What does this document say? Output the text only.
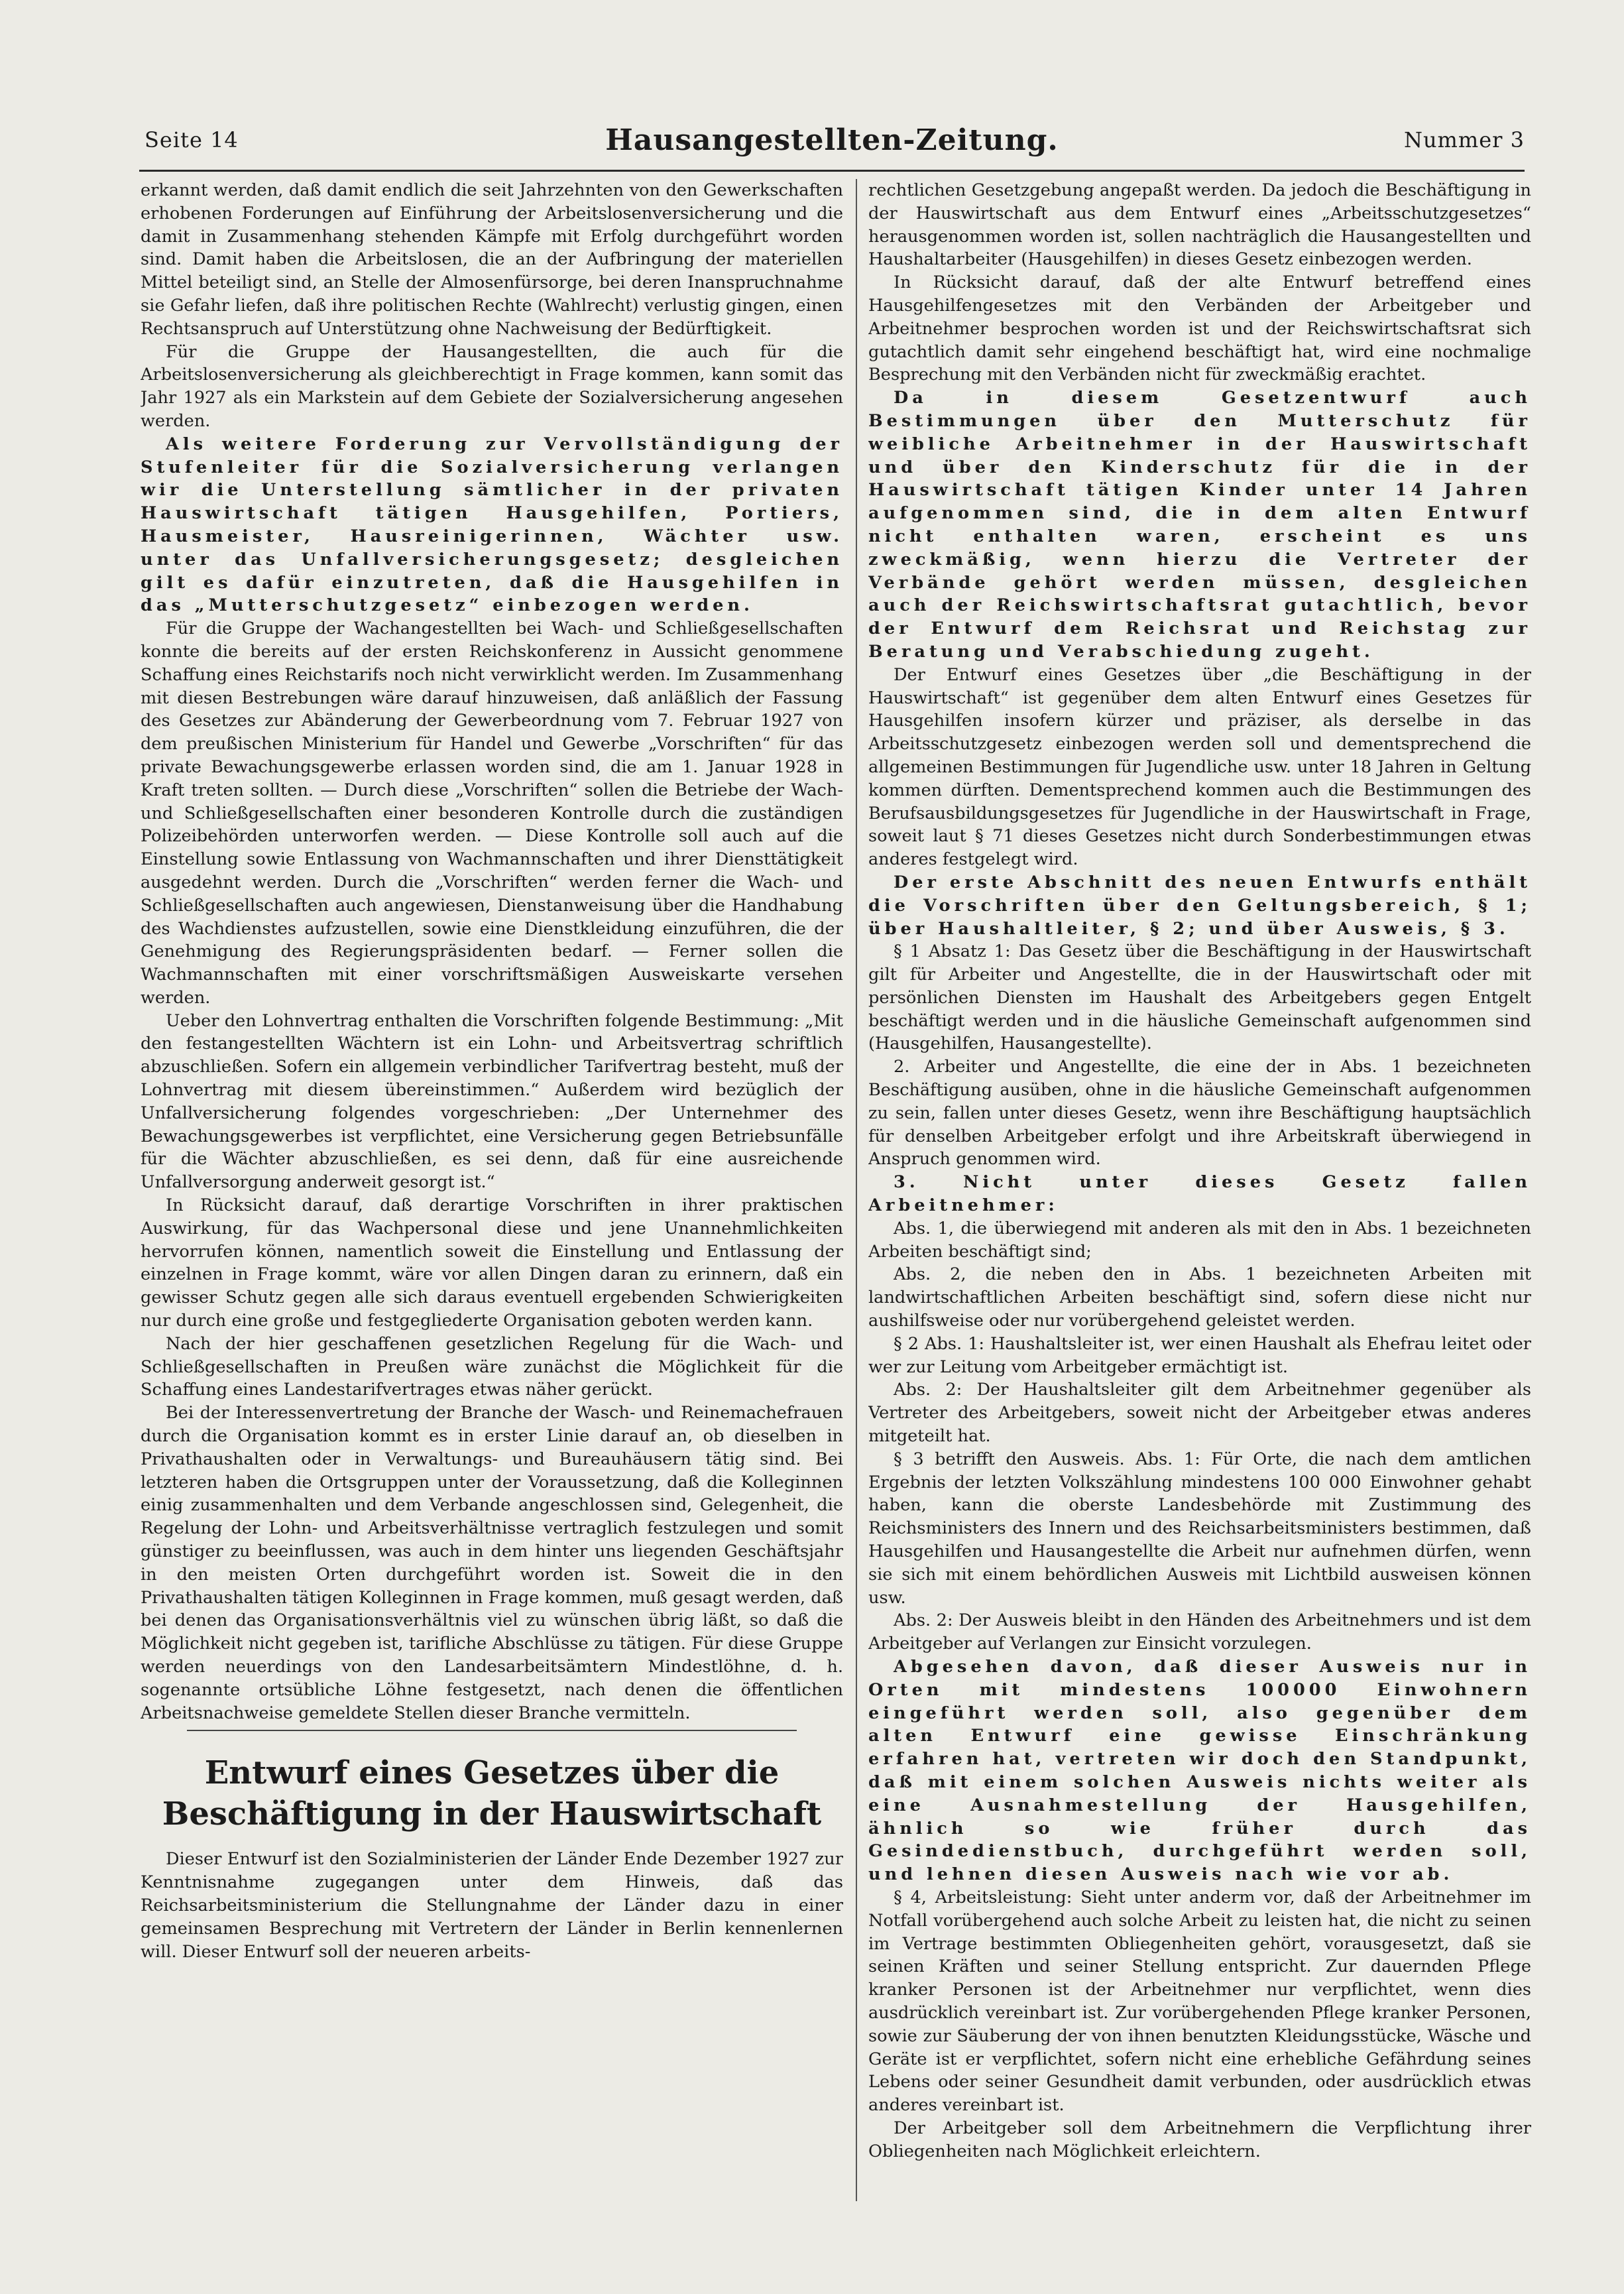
Seite 14	Hausangestellten-Zeitung.	Nummer 3

erkannt werden, daß damit endlich die seit Jahrzehnten von den Gewerkschaften erhobenen Forderungen auf Einführung der Arbeitslosenversicherung und die damit in Zusammenhang stehenden Kämpfe mit Erfolg durchgeführt worden sind. Damit haben die Arbeitslosen, die an der Aufbringung der materiellen Mittel beteiligt sind, an Stelle der Almosenfürsorge, bei deren Inanspruchnahme sie Gefahr liefen, daß ihre politischen Rechte (Wahlrecht) verlustig gingen, einen Rechtsanspruch auf Unterstützung ohne Nachweisung der Bedürftigkeit.

Für die Gruppe der Hausangestellten, die auch für die Arbeitslosenversicherung als gleichberechtigt in Frage kommen, kann somit das Jahr 1927 als ein Markstein auf dem Gebiete der Sozialversicherung angesehen werden.

Als weitere Forderung zur Vervollständigung der Stufenleiter für die Sozialversicherung verlangen wir die Unterstellung sämtlicher in der privaten Hauswirtschaft tätigen Hausgehilfen, Portiers, Hausmeister, Hausreinigerinnen, Wächter usw. unter das Unfallversicherungsgesetz; desgleichen gilt es dafür einzutreten, daß die Hausgehilfen in das „Mutterschutzgesetz“ einbezogen werden.

Für die Gruppe der Wachangestellten bei Wach- und Schließgesellschaften konnte die bereits auf der ersten Reichskonferenz in Aussicht genommene Schaffung eines Reichstarifs noch nicht verwirklicht werden. Im Zusammenhang mit diesen Bestrebungen wäre darauf hinzuweisen, daß anläßlich der Fassung des Gesetzes zur Abänderung der Gewerbeordnung vom 7. Februar 1927 von dem preußischen Ministerium für Handel und Gewerbe „Vorschriften“ für das private Bewachungsgewerbe erlassen worden sind, die am 1. Januar 1928 in Kraft treten sollten. — Durch diese „Vorschriften“ sollen die Betriebe der Wach- und Schließgesellschaften einer besonderen Kontrolle durch die zuständigen Polizeibehörden unterworfen werden. — Diese Kontrolle soll auch auf die Einstellung sowie Entlassung von Wachmannschaften und ihrer Diensttätigkeit ausgedehnt werden. Durch die „Vorschriften“ werden ferner die Wach- und Schließgesellschaften auch angewiesen, Dienstanweisung über die Handhabung des Wachdienstes aufzustellen, sowie eine Dienstkleidung einzuführen, die der Genehmigung des Regierungspräsidenten bedarf. — Ferner sollen die Wachmannschaften mit einer vorschriftsmäßigen Ausweiskarte versehen werden.

Ueber den Lohnvertrag enthalten die Vorschriften folgende Bestimmung: „Mit den festangestellten Wächtern ist ein Lohn- und Arbeitsvertrag schriftlich abzuschließen. Sofern ein allgemein verbindlicher Tarifvertrag besteht, muß der Lohnvertrag mit diesem übereinstimmen.“ Außerdem wird bezüglich der Unfallversicherung folgendes vorgeschrieben: „Der Unternehmer des Bewachungsgewerbes ist verpflichtet, eine Versicherung gegen Betriebsunfälle für die Wächter abzuschließen, es sei denn, daß für eine ausreichende Unfallversorgung anderweit gesorgt ist.“

In Rücksicht darauf, daß derartige Vorschriften in ihrer praktischen Auswirkung, für das Wachpersonal diese und jene Unannehmlichkeiten hervorrufen können, namentlich soweit die Einstellung und Entlassung der einzelnen in Frage kommt, wäre vor allen Dingen daran zu erinnern, daß ein gewisser Schutz gegen alle sich daraus eventuell ergebenden Schwierigkeiten nur durch eine große und festgegliederte Organisation geboten werden kann.

Nach der hier geschaffenen gesetzlichen Regelung für die Wach- und Schließgesellschaften in Preußen wäre zunächst die Möglichkeit für die Schaffung eines Landestarifvertrages etwas näher gerückt.

Bei der Interessenvertretung der Branche der Wasch- und Reinemachefrauen durch die Organisation kommt es in erster Linie darauf an, ob dieselben in Privathaushalten oder in Verwaltungs- und Bureauhäusern tätig sind. Bei letzteren haben die Ortsgruppen unter der Voraussetzung, daß die Kolleginnen einig zusammenhalten und dem Verbande angeschlossen sind, Gelegenheit, die Regelung der Lohn- und Arbeitsverhältnisse vertraglich festzulegen und somit günstiger zu beeinflussen, was auch in dem hinter uns liegenden Geschäftsjahr in den meisten Orten durchgeführt worden ist. Soweit die in den Privathaushalten tätigen Kolleginnen in Frage kommen, muß gesagt werden, daß bei denen das Organisationsverhältnis viel zu wünschen übrig läßt, so daß die Möglichkeit nicht gegeben ist, tarifliche Abschlüsse zu tätigen. Für diese Gruppe werden neuerdings von den Landesarbeitsämtern Mindestlöhne, d. h. sogenannte ortsübliche Löhne festgesetzt, nach denen die öffentlichen Arbeitsnachweise gemeldete Stellen dieser Branche vermitteln.

Entwurf eines Gesetzes über die Beschäftigung in der Hauswirtschaft

Dieser Entwurf ist den Sozialministerien der Länder Ende Dezember 1927 zur Kenntnisnahme zugegangen unter dem Hinweis, daß das Reichsarbeitsministerium die Stellungnahme der Länder dazu in einer gemeinsamen Besprechung mit Vertretern der Länder in Berlin kennenlernen will. Dieser Entwurf soll der neueren arbeits-

rechtlichen Gesetzgebung angepaßt werden. Da jedoch die Beschäftigung in der Hauswirtschaft aus dem Entwurf eines „Arbeitsschutzgesetzes“ herausgenommen worden ist, sollen nachträglich die Hausangestellten und Haushaltarbeiter (Hausgehilfen) in dieses Gesetz einbezogen werden.

In Rücksicht darauf, daß der alte Entwurf betreffend eines Hausgehilfengesetzes mit den Verbänden der Arbeitgeber und Arbeitnehmer besprochen worden ist und der Reichswirtschaftsrat sich gutachtlich damit sehr eingehend beschäftigt hat, wird eine nochmalige Besprechung mit den Verbänden nicht für zweckmäßig erachtet.

Da in diesem Gesetzentwurf auch Bestimmungen über den Mutterschutz für weibliche Arbeitnehmer in der Hauswirtschaft und über den Kinderschutz für die in der Hauswirtschaft tätigen Kinder unter 14 Jahren aufgenommen sind, die in dem alten Entwurf nicht enthalten waren, erscheint es uns zweckmäßig, wenn hierzu die Vertreter der Verbände gehört werden müssen, desgleichen auch der Reichswirtschaftsrat gutachtlich, bevor der Entwurf dem Reichsrat und Reichstag zur Beratung und Verabschiedung zugeht.

Der Entwurf eines Gesetzes über „die Beschäftigung in der Hauswirtschaft“ ist gegenüber dem alten Entwurf eines Gesetzes für Hausgehilfen insofern kürzer und präziser, als derselbe in das Arbeitsschutzgesetz einbezogen werden soll und dementsprechend die allgemeinen Bestimmungen für Jugendliche usw. unter 18 Jahren in Geltung kommen dürften. Dementsprechend kommen auch die Bestimmungen des Berufsausbildungsgesetzes für Jugendliche in der Hauswirtschaft in Frage, soweit laut § 71 dieses Gesetzes nicht durch Sonderbestimmungen etwas anderes festgelegt wird.

Der erste Abschnitt des neuen Entwurfs enthält die Vorschriften über den Geltungsbereich, § 1; über Haushaltleiter, § 2; und über Ausweis, § 3.

§ 1 Absatz 1: Das Gesetz über die Beschäftigung in der Hauswirtschaft gilt für Arbeiter und Angestellte, die in der Hauswirtschaft oder mit persönlichen Diensten im Haushalt des Arbeitgebers gegen Entgelt beschäftigt werden und in die häusliche Gemeinschaft aufgenommen sind (Hausgehilfen, Hausangestellte).

2. Arbeiter und Angestellte, die eine der in Abs. 1 bezeichneten Beschäftigung ausüben, ohne in die häusliche Gemeinschaft aufgenommen zu sein, fallen unter dieses Gesetz, wenn ihre Beschäftigung hauptsächlich für denselben Arbeitgeber erfolgt und ihre Arbeitskraft überwiegend in Anspruch genommen wird.

3. Nicht unter dieses Gesetz fallen Arbeitnehmer:

Abs. 1, die überwiegend mit anderen als mit den in Abs. 1 bezeichneten Arbeiten beschäftigt sind;

Abs. 2, die neben den in Abs. 1 bezeichneten Arbeiten mit landwirtschaftlichen Arbeiten beschäftigt sind, sofern diese nicht nur aushilfsweise oder nur vorübergehend geleistet werden.

§ 2 Abs. 1: Haushaltsleiter ist, wer einen Haushalt als Ehefrau leitet oder wer zur Leitung vom Arbeitgeber ermächtigt ist.

Abs. 2: Der Haushaltsleiter gilt dem Arbeitnehmer gegenüber als Vertreter des Arbeitgebers, soweit nicht der Arbeitgeber etwas anderes mitgeteilt hat.

§ 3 betrifft den Ausweis. Abs. 1: Für Orte, die nach dem amtlichen Ergebnis der letzten Volkszählung mindestens 100 000 Einwohner gehabt haben, kann die oberste Landesbehörde mit Zustimmung des Reichsministers des Innern und des Reichsarbeitsministers bestimmen, daß Hausgehilfen und Hausangestellte die Arbeit nur aufnehmen dürfen, wenn sie sich mit einem behördlichen Ausweis mit Lichtbild ausweisen können usw.

Abs. 2: Der Ausweis bleibt in den Händen des Arbeitnehmers und ist dem Arbeitgeber auf Verlangen zur Einsicht vorzulegen.

Abgesehen davon, daß dieser Ausweis nur in Orten mit mindestens 100000 Einwohnern eingeführt werden soll, also gegenüber dem alten Entwurf eine gewisse Einschränkung erfahren hat, vertreten wir doch den Standpunkt, daß mit einem solchen Ausweis nichts weiter als eine Ausnahmestellung der Hausgehilfen, ähnlich so wie früher durch das Gesindedienstbuch, durchgeführt werden soll, und lehnen diesen Ausweis nach wie vor ab.

§ 4, Arbeitsleistung: Sieht unter anderm vor, daß der Arbeitnehmer im Notfall vorübergehend auch solche Arbeit zu leisten hat, die nicht zu seinen im Vertrage bestimmten Obliegenheiten gehört, vorausgesetzt, daß sie seinen Kräften und seiner Stellung entspricht. Zur dauernden Pflege kranker Personen ist der Arbeitnehmer nur verpflichtet, wenn dies ausdrücklich vereinbart ist. Zur vorübergehenden Pflege kranker Personen, sowie zur Säuberung der von ihnen benutzten Kleidungsstücke, Wäsche und Geräte ist er verpflichtet, sofern nicht eine erhebliche Gefährdung seines Lebens oder seiner Gesundheit damit verbunden, oder ausdrücklich etwas anderes vereinbart ist.

Der Arbeitgeber soll dem Arbeitnehmern die Verpflichtung ihrer Obliegenheiten nach Möglichkeit erleichtern.
